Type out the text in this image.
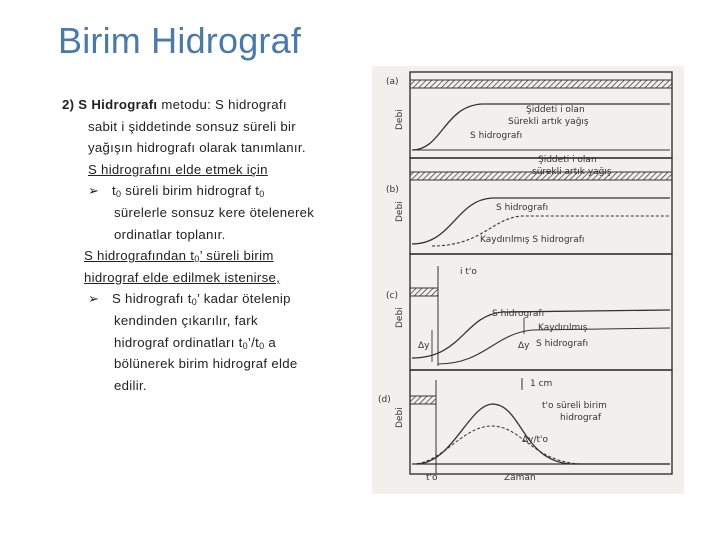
Birim Hidrograf
2) S Hidrografı metodu: S hidrografı
sabit i şiddetinde sonsuz süreli bir
yağışın hidrografı olarak tanımlanır.
S hidrografını elde etmek için
➢ $t_0$ süreli birim hidrograf $t_0$
sürelerle sonsuz kere ötelenerek
ordinatlar toplanır.
S hidrografından $t_0$’ süreli birim
hidrograf elde edilmek istenirse,
➢ S hidrografı $t_0$’ kadar ötelenip
kendinden çıkarılır, fark
hidrograf ordinatları $t_0’/t_0$ a
bölünerek birim hidrograf elde
edilir.
(a)
(b)
(c)
(d)
Debi
Debi
Debi
Debi
Şiddeti i olan
Sürekli artık yağış
S hidrografı
Şiddeti i olan
sürekli artık yağış
S hidrografı
Kaydırılmış S hidrografı
i t'o
S hidrografı
Kaydırılmış
S hidrografı
Δy	Δy
1 cm
t'o süreli birim
hidrograf
Δy/t'o
t'o	Zaman
